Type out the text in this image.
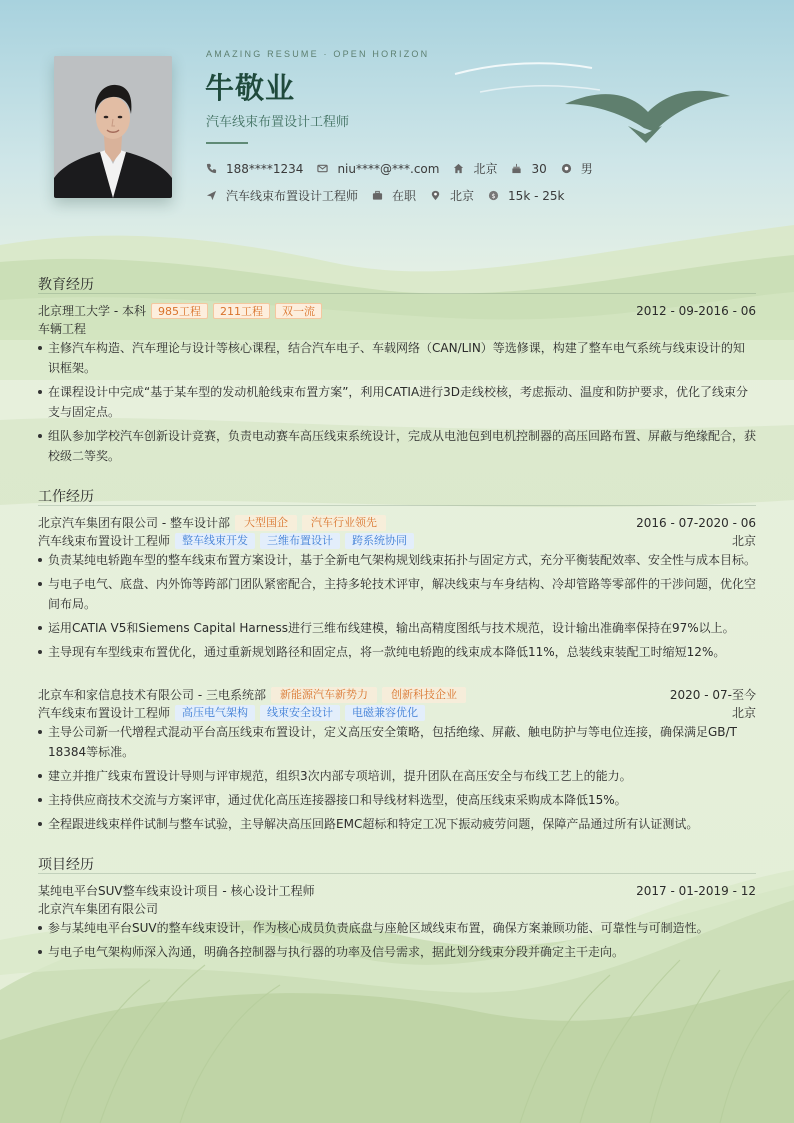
AMAZING RESUME · OPEN HORIZON
牛敬业
汽车线束布置设计工程师
188****1234	niu****@***.com	北京	30	男
汽车线束布置设计工程师	在职	北京 $ 15k - 25k
教育经历
北京理工大学 - 本科	985工程	211工程	双一流	2012 - 09-2016 - 06
车辆工程
主修汽车构造、汽车理论与设计等核心课程，结合汽车电子、车载网络（CAN/LIN）等选修课，构建了整车电气系统与线束设计的知识框架。
在课程设计中完成“基于某车型的发动机舱线束布置方案”，利用CATIA进行3D走线校核，考虑振动、温度和防护要求，优化了线束分支与固定点。
组队参加学校汽车创新设计竞赛，负责电动赛车高压线束系统设计，完成从电池包到电机控制器的高压回路布置、屏蔽与绝缘配合，获校级二等奖。
工作经历
北京汽车集团有限公司 - 整车设计部	大型国企	汽车行业领先	2016 - 07-2020 - 06
汽车线束布置设计工程师	整车线束开发	三维布置设计	跨系统协同	北京
负责某纯电轿跑车型的整车线束布置方案设计，基于全新电气架构规划线束拓扑与固定方式，充分平衡装配效率、安全性与成本目标。
与电子电气、底盘、内外饰等跨部门团队紧密配合，主持多轮技术评审，解决线束与车身结构、冷却管路等零部件的干涉问题，优化空间布局。
运用CATIA V5和Siemens Capital Harness进行三维布线建模，输出高精度图纸与技术规范，设计输出准确率保持在97%以上。
主导现有车型线束布置优化，通过重新规划路径和固定点，将一款纯电轿跑的线束成本降低11%，总装线束装配工时缩短12%。
北京车和家信息技术有限公司 - 三电系统部	新能源汽车新势力	创新科技企业	2020 - 07-至今
汽车线束布置设计工程师	高压电气架构	线束安全设计	电磁兼容优化	北京
主导公司新一代增程式混动平台高压线束布置设计，定义高压安全策略，包括绝缘、屏蔽、触电防护与等电位连接，确保满足GB/T 18384等标准。
建立并推广线束布置设计导则与评审规范，组织3次内部专项培训，提升团队在高压安全与布线工艺上的能力。
主持供应商技术交流与方案评审，通过优化高压连接器接口和导线材料选型，使高压线束采购成本降低15%。
全程跟进线束样件试制与整车试验，主导解决高压回路EMC超标和特定工况下振动疲劳问题，保障产品通过所有认证测试。
项目经历
某纯电平台SUV整车线束设计项目 - 核心设计工程师	2017 - 01-2019 - 12
北京汽车集团有限公司
参与某纯电平台SUV的整车线束设计，作为核心成员负责底盘与座舱区域线束布置，确保方案兼顾功能、可靠性与可制造性。
与电子电气架构师深入沟通，明确各控制器与执行器的功率及信号需求，据此划分线束分段并确定主干走向。
